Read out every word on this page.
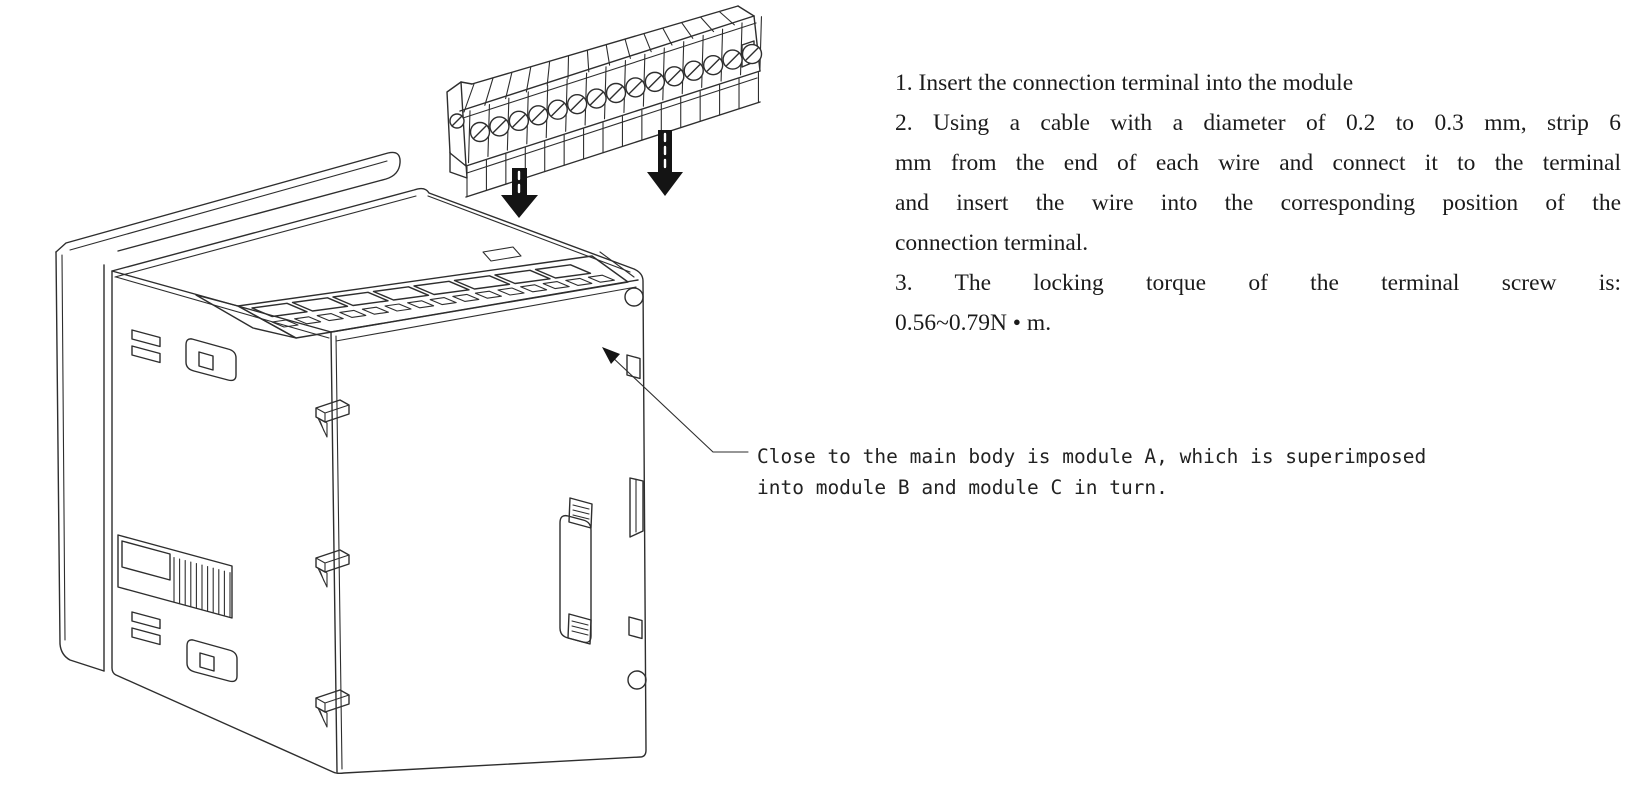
1. Insert the connection terminal into the module
2. Using a cable with a diameter of 0.2 to 0.3 mm, strip 6
mm from the end of each wire and connect it to the terminal
and insert the wire into the corresponding position of the
connection terminal.
3. The locking torque of the terminal screw is:
0.56~0.79N • m.
Close to the main body is module A, which is superimposed
into module B and module C in turn.
